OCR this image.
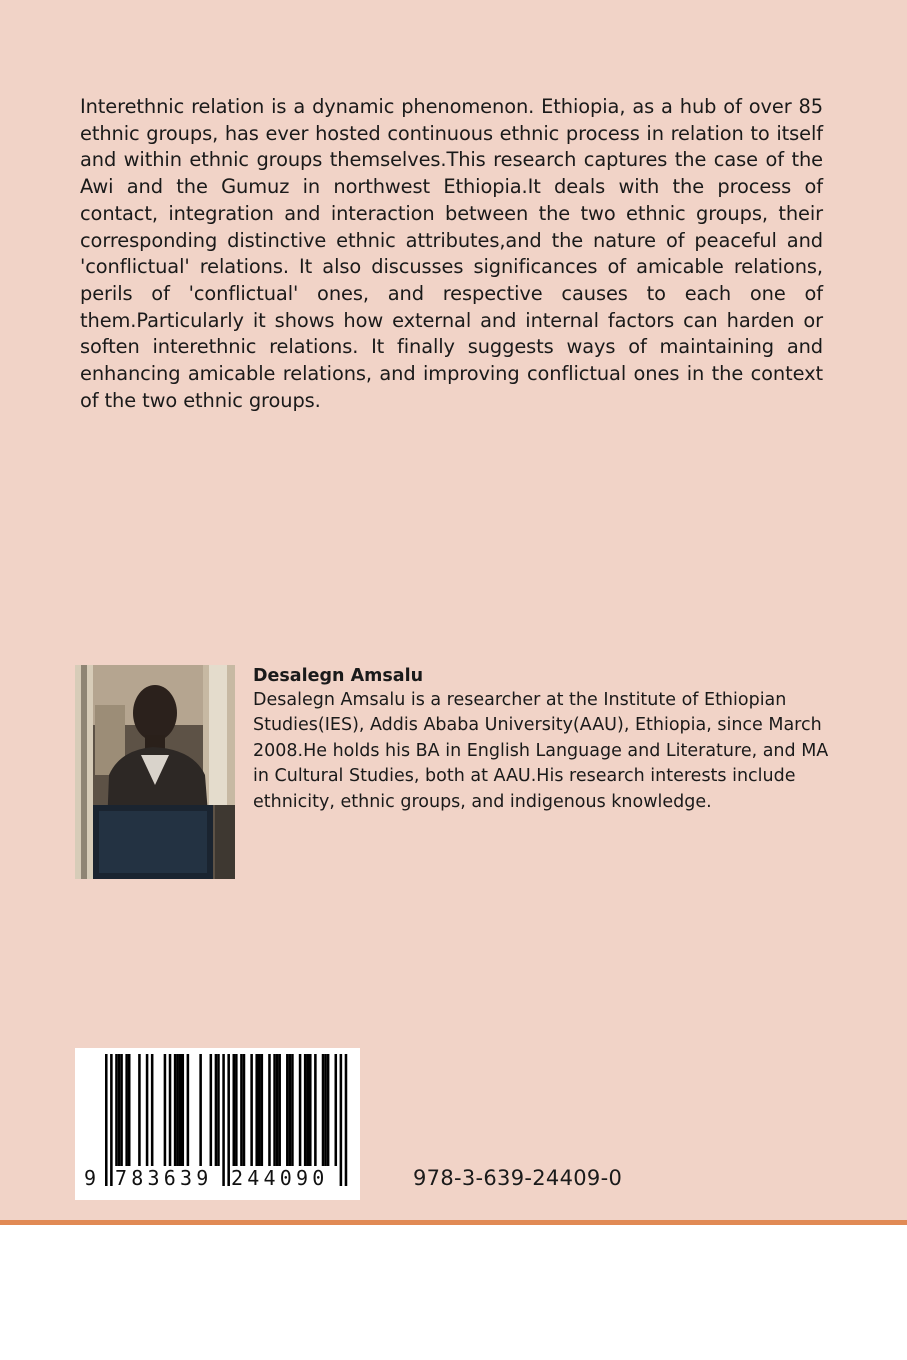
Interethnic relation is a dynamic phenomenon. Ethiopia, as a hub of over 85 ethnic groups, has ever hosted continuous ethnic process in relation to itself and within ethnic groups themselves.This research captures the case of the Awi and the Gumuz in northwest Ethiopia.It deals with the process of contact, integration and interaction between the two ethnic groups, their corresponding distinctive ethnic attributes,and the nature of peaceful and 'conflictual' relations. It also discusses significances of amicable relations, perils of 'conflictual' ones, and respective causes to each one of them.Particularly it shows how external and internal factors can harden or soften interethnic relations. It finally suggests ways of maintaining and enhancing amicable relations, and improving conflictual ones in the context of the two ethnic groups.

Desalegn Amsalu

Desalegn Amsalu is a researcher at the Institute of Ethiopian Studies(IES), Addis Ababa University(AAU), Ethiopia, since March 2008.He holds his BA in English Language and Literature, and MA in Cultural Studies, both at AAU.His research interests include ethnicity, ethnic groups, and indigenous knowledge.

9 783639 244090	978-3-639-24409-0
